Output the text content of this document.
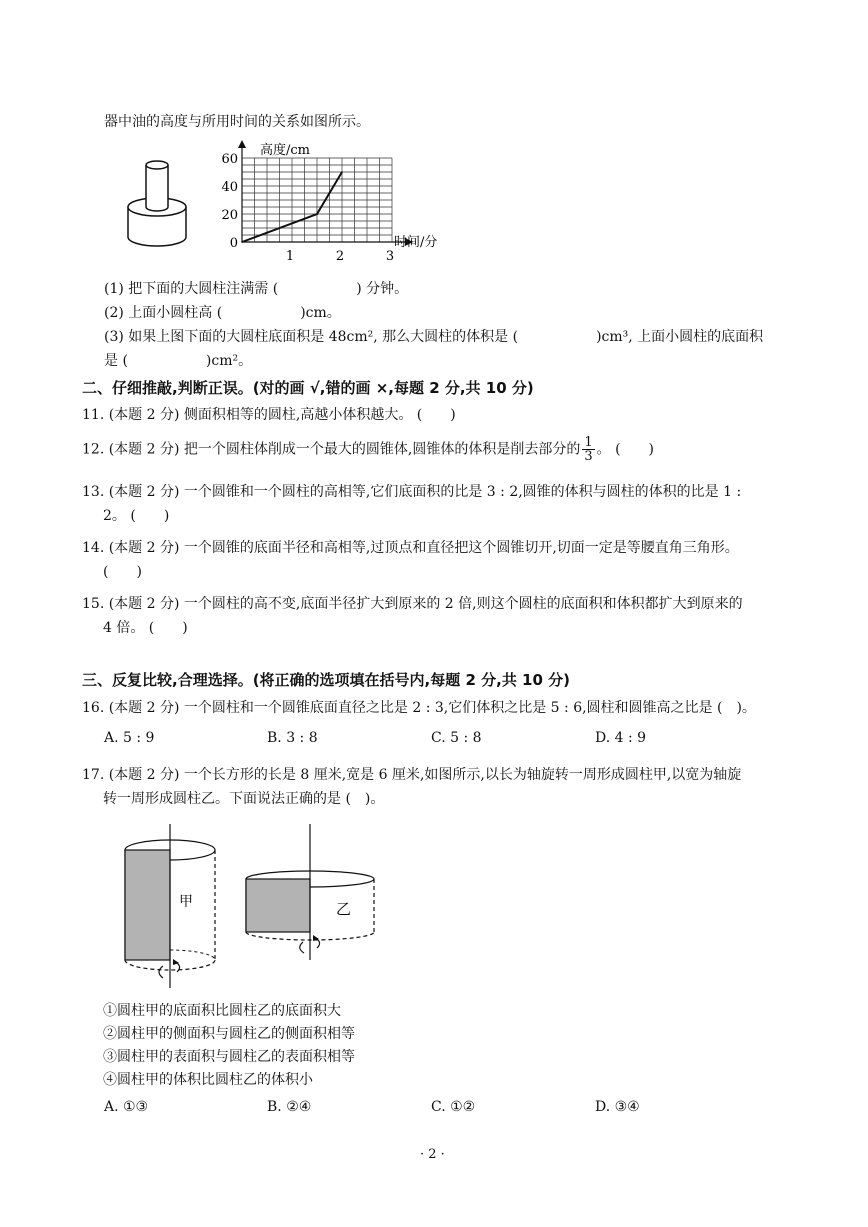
器中油的高度与所用时间的关系如图所示。
0
20
40
60
1	2	3
高度/cm
时间/分
(1) 把下面的大圆柱注满需 (	) 分钟。
(2) 上面小圆柱高 (	)cm。
(3) 如果上图下面的大圆柱底面积是 48cm², 那么大圆柱的体积是 (	)cm³, 上面小圆柱的底面积
是 (	)cm²。
二、仔细推敲,判断正误。(对的画 √,错的画 ×,每题 2 分,共 10 分)
11. (本题 2 分) 侧面积相等的圆柱,高越小体积越大。 (　　)
12. (本题 2 分) 把一个圆柱体削成一个最大的圆锥体,圆锥体的体积是削去部分的 $\frac{1}{3}$ 。 (　　)
13. (本题 2 分) 一个圆锥和一个圆柱的高相等,它们底面积的比是 3 : 2,圆锥的体积与圆柱的体积的比是 1 :
2。 (　　)
14. (本题 2 分) 一个圆锥的底面半径和高相等,过顶点和直径把这个圆锥切开,切面一定是等腰直角三角形。
(　　)
15. (本题 2 分) 一个圆柱的高不变,底面半径扩大到原来的 2 倍,则这个圆柱的底面积和体积都扩大到原来的
4 倍。 (　　)
三、反复比较,合理选择。(将正确的选项填在括号内,每题 2 分,共 10 分)
16. (本题 2 分) 一个圆柱和一个圆锥底面直径之比是 2 : 3,它们体积之比是 5 : 6,圆柱和圆锥高之比是 (　)。
A. 5 : 9	B. 3 : 8	C. 5 : 8	D. 4 : 9
17. (本题 2 分) 一个长方形的长是 8 厘米,宽是 6 厘米,如图所示,以长为轴旋转一周形成圆柱甲,以宽为轴旋
转一周形成圆柱乙。下面说法正确的是 (　)。
甲	乙
①圆柱甲的底面积比圆柱乙的底面积大
②圆柱甲的侧面积与圆柱乙的侧面积相等
③圆柱甲的表面积与圆柱乙的表面积相等
④圆柱甲的体积比圆柱乙的体积小
A. ①③	B. ②④	C. ①②	D. ③④
· 2 ·
